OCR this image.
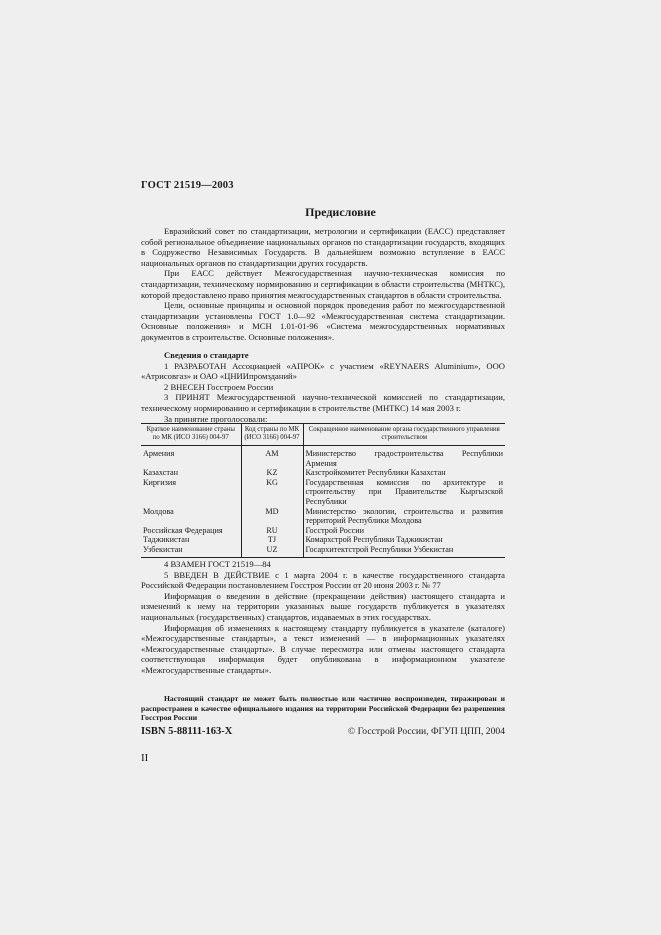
ГОСТ 21519—2003
Предисловие

Евразийский совет по стандартизации, метрологии и сертификации (ЕАСС) представляет собой региональное объединение национальных органов по стандартизации государств, входящих в Содружество Независимых Государств. В дальнейшем возможно вступление в ЕАСС национальных органов по стандартизации других государств.

При ЕАСС действует Межгосударственная научно-техническая комиссия по стандартизации, техническому нормированию и сертификации в области строительства (МНТКС), которой предоставлено право принятия межгосударственных стандартов в области строительства.

Цели, основные принципы и основной порядок проведения работ по межгосударственной стандартизации установлены ГОСТ 1.0—92 «Межгосударственная система стандартизации. Основные положения» и МСН 1.01-01-96 «Система межгосударственных нормативных документов в строительстве. Основные положения».

Сведения о стандарте

1 РАЗРАБОТАН Ассоциацией «АПРОК» с участием «REYNAERS Aluminium», ООО «Атрисовгаз» и ОАО «ЦНИИпромзданий»

2 ВНЕСЕН Госстроем России

3 ПРИНЯТ Межгосударственной научно-технической комиссией по стандартизации, техническому нормированию и сертификации в строительстве (МНТКС) 14 мая 2003 г.

За принятие проголосовали:

Краткое наименование страны по МК (ИСО 3166) 004-97	Код страны по МК (ИСО 3166) 004-97	Сокращенное наименование органа государственного управления строительством
Армения	AM	Министерство градостроительства Республики Армения
Казахстан	KZ	Казстройкомитет Республики Казахстан
Киргизия	KG	Государственная комиссия по архитектуре и строительству при Правительстве Кыргызской Республики
Молдова	MD	Министерство экологии, строительства и развития территорий Республики Молдова
Российская Федерация	RU	Госстрой России
Таджикистан	TJ	Комархстрой Республики Таджикистан
Узбекистан	UZ	Госархитектстрой Республики Узбекистан

4 ВЗАМЕН ГОСТ 21519—84

5 ВВЕДЕН В ДЕЙСТВИЕ с 1 марта 2004 г. в качестве государственного стандарта Российской Федерации постановлением Госстроя России от 20 июня 2003 г. № 77

Информация о введении в действие (прекращении действия) настоящего стандарта и изменений к нему на территории указанных выше государств публикуется в указателях национальных (государственных) стандартов, издаваемых в этих государствах.

Информация об изменениях к настоящему стандарту публикуется в указателе (каталоге) «Межгосударственные стандарты», а текст изменений — в информационных указателях «Межгосударственные стандарты». В случае пересмотра или отмены настоящего стандарта соответствующая информация будет опубликована в информационном указателе «Межгосударственные стандарты».

Настоящий стандарт не может быть полностью или частично воспроизведен, тиражирован и распространен в качестве официального издания на территории Российской Федерации без разрешения Госстроя России
ISBN 5-88111-163-X	© Госстрой России, ФГУП ЦПП, 2004
II
